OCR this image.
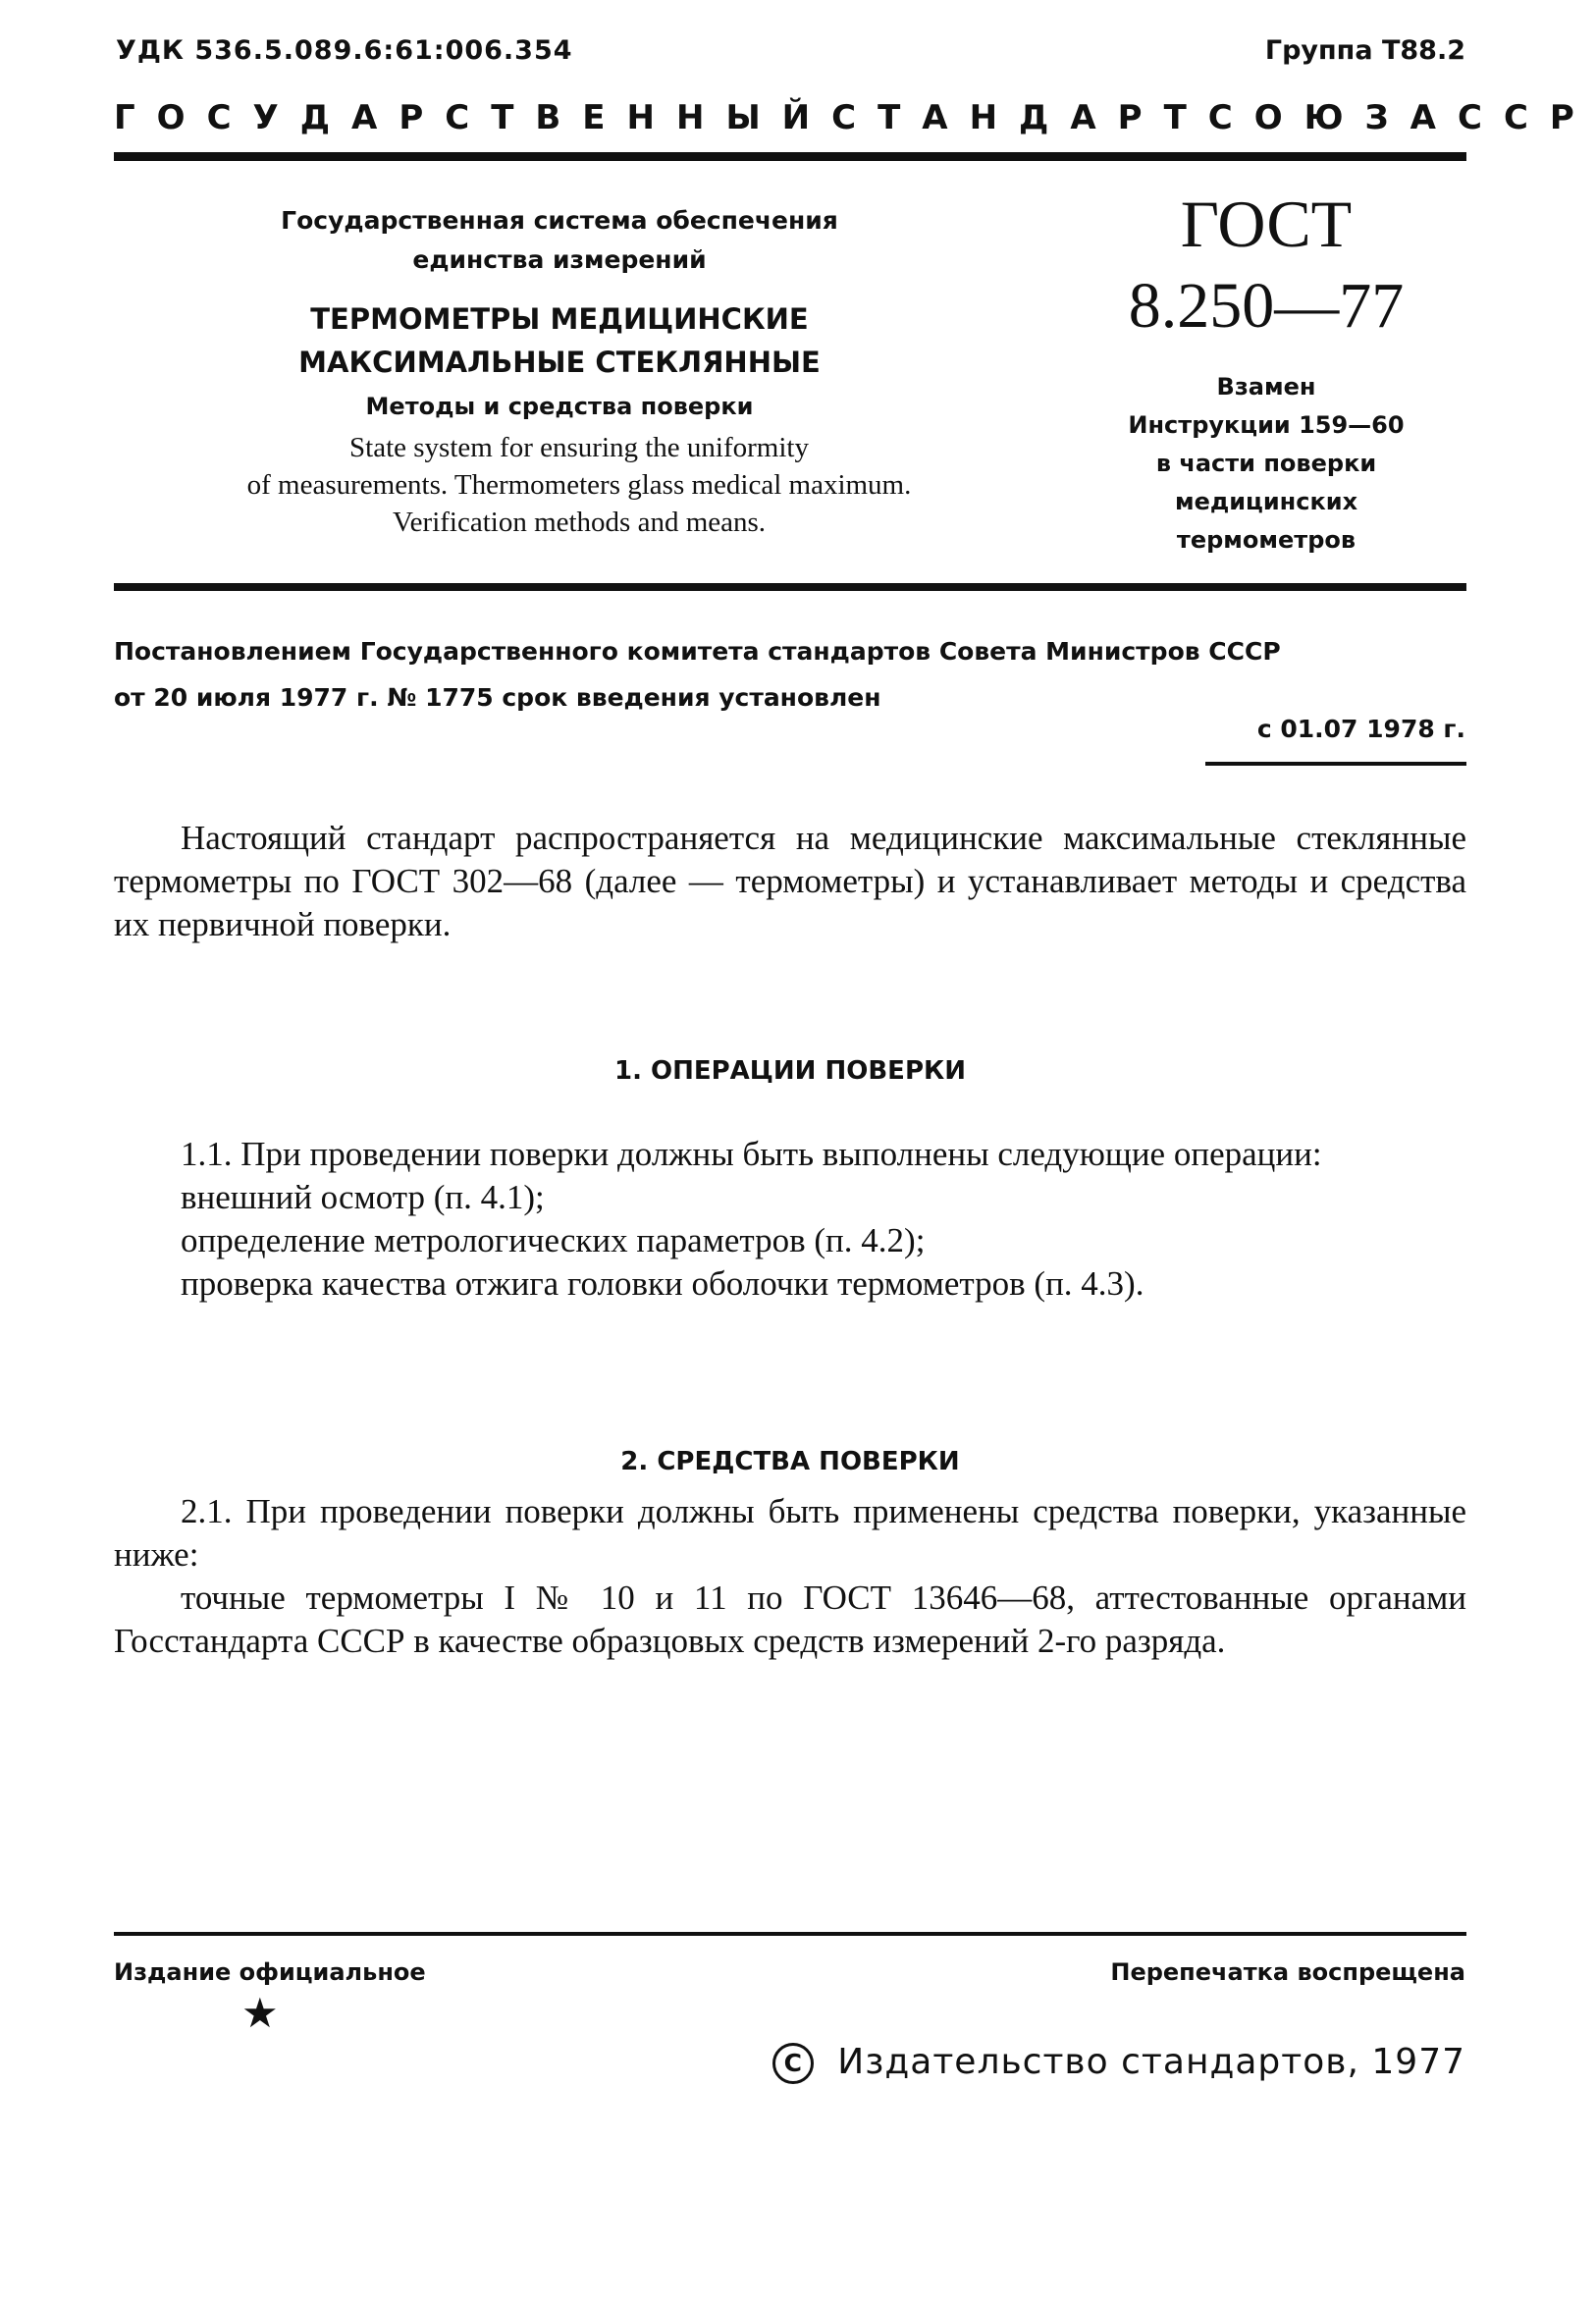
УДК 536.5.089.6:61:006.354	Группа Т88.2
ГОСУДАРСТВЕННЫЙ СТАНДАРТ СОЮЗА ССР
Государственная система обеспечения
единства измерений
ТЕРМОМЕТРЫ МЕДИЦИНСКИЕ
МАКСИМАЛЬНЫЕ СТЕКЛЯННЫЕ
Методы и средства поверки
State system for ensuring the uniformity
of measurements. Thermometers glass medical maximum.
Verification methods and means.
ГОСТ
8.250—77
Взамен
Инструкции 159—60
в части поверки
медицинских
термометров
Постановлением Государственного комитета стандартов Совета Министров СССР
от 20 июля 1977 г. № 1775 срок введения установлен
с 01.07 1978 г.
Настоящий стандарт распространяется на медицинские максимальные стеклянные термометры по ГОСТ 302—68 (далее — термометры) и устанавливает методы и средства их первичной поверки.
1. ОПЕРАЦИИ ПОВЕРКИ
1.1. При проведении поверки должны быть выполнены следующие операции:
внешний осмотр (п. 4.1);
определение метрологических параметров (п. 4.2);
проверка качества отжига головки оболочки термометров (п. 4.3).
2. СРЕДСТВА ПОВЕРКИ
2.1. При проведении поверки должны быть применены средства поверки, указанные ниже:
точные термометры I № 10 и 11 по ГОСТ 13646—68, аттестованные органами Госстандарта СССР в качестве образцовых средств измерений 2-го разряда.
Издание официальное
★
Перепечатка воспрещена
C Издательство стандартов, 1977
